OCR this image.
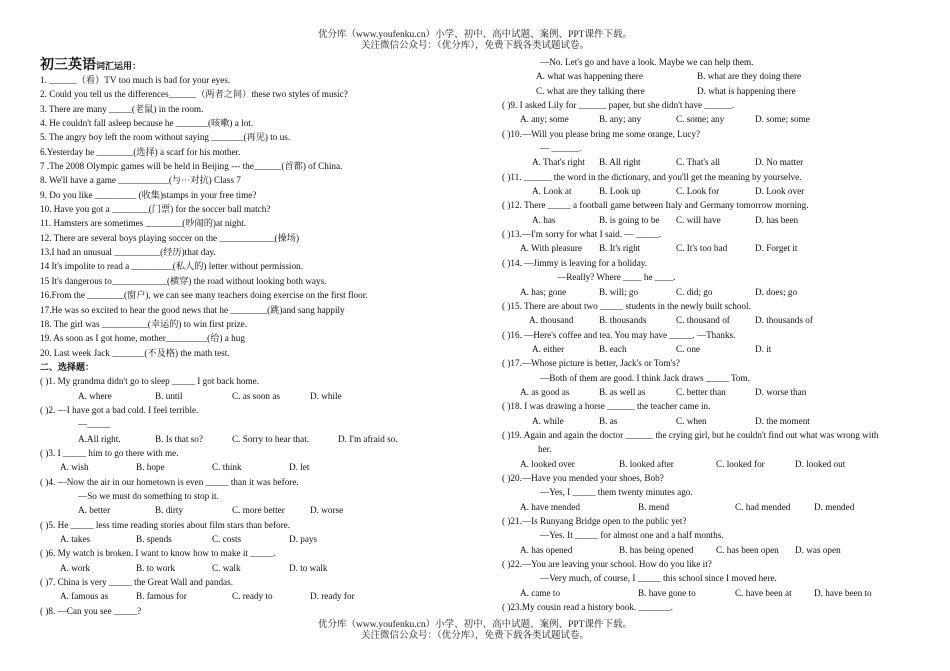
优分库（www.youfenku.cn）小学、初中、高中试题、案例、PPT课件下载。
关注微信公众号：（优分库），免费下载各类试题试卷。
初三英语词汇运用：
1. ______（看）TV too much is bad for your eyes.
2. Could you tell us the differences______（两者之间）these two styles of music?
3. There are many _____(老鼠) in the room.
4. He couldn't fall asleep because he _______(咳嗽) a lot.
5. The angry boy left the room without saying _______(再见) to us.
6.Yesterday he ________(选择) a scarf for his mother.
7 .The 2008 Olympic games will be held in Beijing --- the______(首都) of China.
8. We'll have a game ___________(与···对抗) Class 7
9. Do you like _________ (收集)stamps in your free time?
10. Have you got a ________(门票) for the soccer ball match?
11. Hamsters are sometimes ________(吵闹的)at night.
12. There are several boys playing soccer on the ____________(操场)
13.I had an unusual __________(经历)that day.
14 It's impolite to read a _________(私人的) letter without permission.
15 It's dangerous to____________(横穿) the road without looking both ways.
16.From the ________(窗户), we can see many teachers doing exercise on the first floor.
17.He was so excited to hear the good news that he ________(跳)and sang happily
18. The girl was __________(幸运的) to win first prize.
19. As soon as I got home, mother_________(给) a hug
20. Last week Jack _______(不及格) the math test.
二、选择题：
( )1. My grandma didn't go to sleep _____ I got back home.
A. where	B. until	C. as soon as	D. while
( )2. —I have got a bad cold. I feel terrible.
—_____
A.All right.	B. Is that so?	C. Sorry to hear that.	D. I'm afraid so.
( )3. I _____ him to go there with me.
A. wish	B. hope	C. think	D. let
( )4. —Now the air in our hometown is even _____ than it was before.
—So we must do something to stop it.
A. better	B. dirty	C. more better	D. worse
( )5. He _____ less time reading stories about film stars than before.
A. takes	B. spends	C. costs	D. pays
( )6. My watch is broken. I want to know how to make it _____.
A. work	B. to work	C. walk	D. to walk
( )7. China is very _____ the Great Wall and pandas.
A. famous as	B. famous for	C. ready to	D. ready for
( )8. —Can you see _____?
—No. Let's go and have a look. Maybe we can help them.
A. what was happening there	B. what are they doing there
C. what are they talking there	D. what is happening there
( )9. I asked Lily for ______ paper, but she didn't have ______.
A. any; some	B. any; any	C. some; any	D. some; some
( )10.—Will you please bring me some orange, Lucy?
— ______.
A. That's right B. All right	C. That's all	D. No matter
( )11. ______ the word in the dictionary, and you'll get the meaning by yourselve.
A. Look at	B. Look up	C. Look for	D. Look over
( )12. There _____ a football game between Italy and Germany tomorrow morning.
A. has	B. is going to be C. will have	D. has been
( )13.—I'm sorry for what I said. — _____.
A. With pleasure B. It's right	C. It's too bad	D. Forget it
( )14. —Jimmy is leaving for a holiday.
—Really? Where ____ he ____.
A. has; gone	B. will; go	C. did; go	D. does; go
( )15. There are about two _____ students in the newly built school.
A. thousand	B. thousands	C. thousand of	D. thousands of
( )16. —Here's coffee and tea. You may have _____. —Thanks.
A. either	B. each	C. one	D. it
( )17.—Whose picture is better, Jack's or Tom's?
—Both of them are good. I think Jack draws _____ Tom.
A. as good as	B. as well as	C. better than	D. worse than
( )18. I was drawing a horse ______ the teacher came in.
A. while	B. as	C. when	D. the moment
( )19. Again and again the doctor ______ the crying girl, but he couldn't find out what was wrong with
her.
A. looked over	B. looked after	C. looked for	D. looked out
( )20.—Have you mended your shoes, Bob?
—Yes, I _____ them twenty minutes ago.
A. have mended	B. mend	C. had mended	D. mended
( )21.—Is Runyang Bridge open to the public yet?
—Yes. It _____ for almost one and a half months.
A. has opened	B. has being opened C. has been open D. was open
( )22.—You are leaving your school. How do you like it?
—Very much, of course, I _____ this school since I moved here.
A. came to	B. have gone to	C. have been at D. have been to
( )23.My cousin read a history book. _______.
优分库（www.youfenku.cn）小学、初中、高中试题、案例、PPT课件下载。
关注微信公众号：（优分库），免费下载各类试题试卷。
